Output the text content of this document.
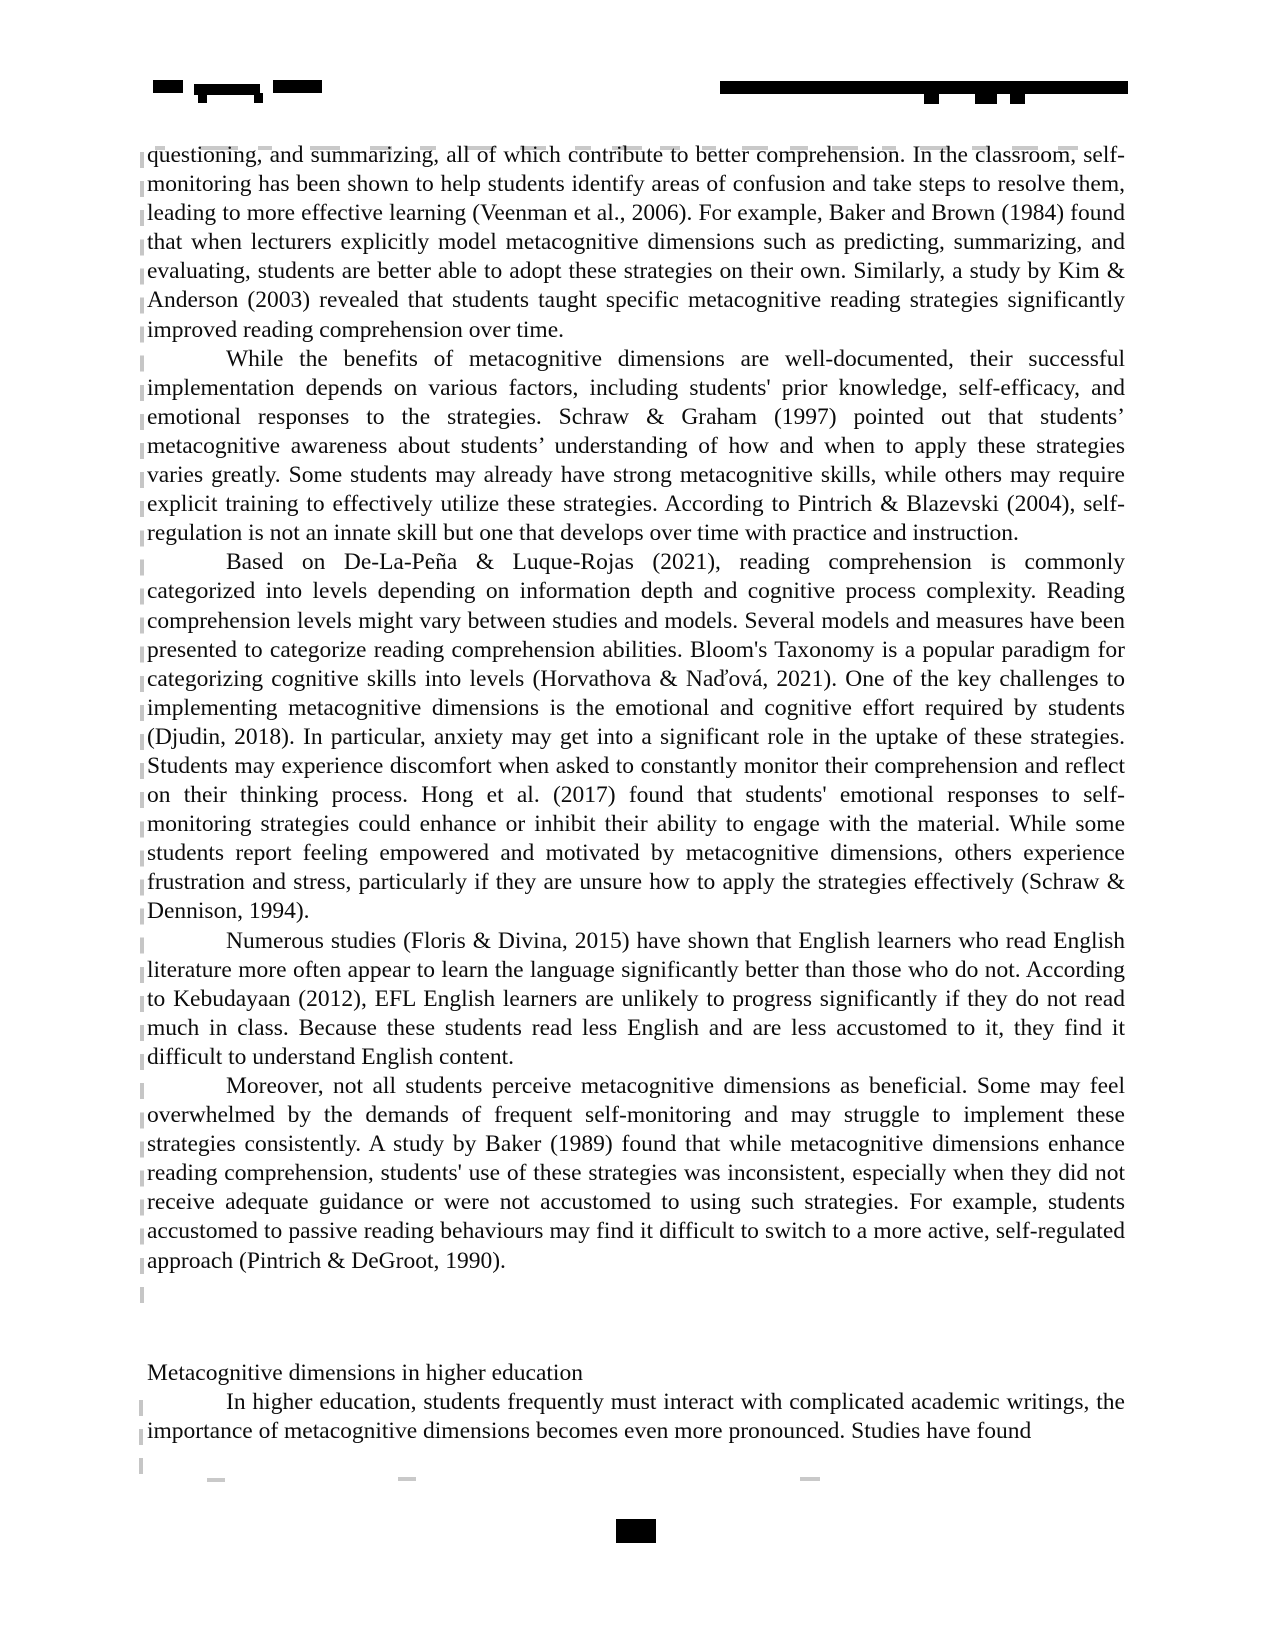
questioning, and summarizing, all of which contribute to better comprehension. In the classroom, self-monitoring has been shown to help students identify areas of confusion and take steps to resolve them, leading to more effective learning (Veenman et al., 2006). For example, Baker and Brown (1984) found that when lecturers explicitly model metacognitive dimensions such as predicting, summarizing, and evaluating, students are better able to adopt these strategies on their own. Similarly, a study by Kim & Anderson (2003) revealed that students taught specific metacognitive reading strategies significantly improved reading comprehension over time.

While the benefits of metacognitive dimensions are well-documented, their successful implementation depends on various factors, including students' prior knowledge, self-efficacy, and emotional responses to the strategies. Schraw & Graham (1997) pointed out that students’ metacognitive awareness about students’ understanding of how and when to apply these strategies varies greatly. Some students may already have strong metacognitive skills, while others may require explicit training to effectively utilize these strategies. According to Pintrich & Blazevski (2004), self-regulation is not an innate skill but one that develops over time with practice and instruction.

Based on De-La-Peña & Luque-Rojas (2021), reading comprehension is commonly categorized into levels depending on information depth and cognitive process complexity. Reading comprehension levels might vary between studies and models. Several models and measures have been presented to categorize reading comprehension abilities. Bloom's Taxonomy is a popular paradigm for categorizing cognitive skills into levels (Horvathova & Naďová, 2021). One of the key challenges to implementing metacognitive dimensions is the emotional and cognitive effort required by students (Djudin, 2018). In particular, anxiety may get into a significant role in the uptake of these strategies. Students may experience discomfort when asked to constantly monitor their comprehension and reflect on their thinking process. Hong et al. (2017) found that students' emotional responses to self-monitoring strategies could enhance or inhibit their ability to engage with the material. While some students report feeling empowered and motivated by metacognitive dimensions, others experience frustration and stress, particularly if they are unsure how to apply the strategies effectively (Schraw & Dennison, 1994).

Numerous studies (Floris & Divina, 2015) have shown that English learners who read English literature more often appear to learn the language significantly better than those who do not. According to Kebudayaan (2012), EFL English learners are unlikely to progress significantly if they do not read much in class. Because these students read less English and are less accustomed to it, they find it difficult to understand English content.

Moreover, not all students perceive metacognitive dimensions as beneficial. Some may feel overwhelmed by the demands of frequent self-monitoring and may struggle to implement these strategies consistently. A study by Baker (1989) found that while metacognitive dimensions enhance reading comprehension, students' use of these strategies was inconsistent, especially when they did not receive adequate guidance or were not accustomed to using such strategies. For example, students accustomed to passive reading behaviours may find it difficult to switch to a more active, self-regulated approach (Pintrich & DeGroot, 1990).

Metacognitive dimensions in higher education

In higher education, students frequently must interact with complicated academic writings, the importance of metacognitive dimensions becomes even more pronounced. Studies have found
